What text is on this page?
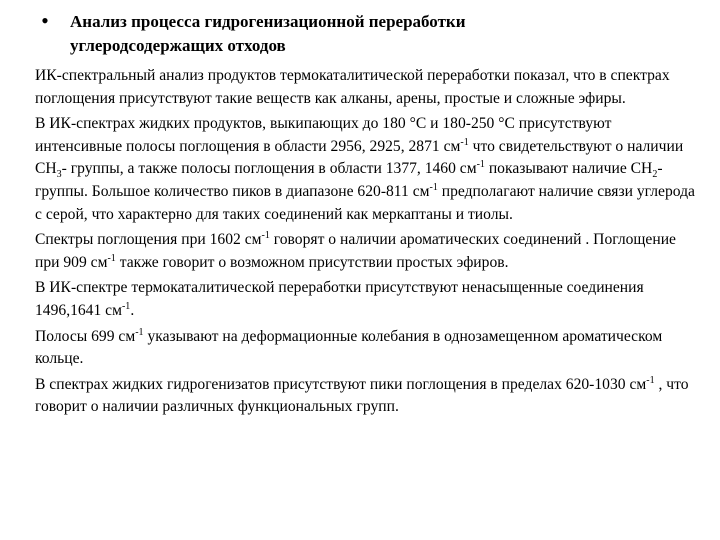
•	Анализ процесса гидрогенизационной переработки
углеродсодержащих отходов

ИК-спектральный анализ продуктов термокаталитической переработки показал, что в спектрах поглощения присутствуют такие веществ как алканы, арены, простые и сложные эфиры.

В ИК-спектрах жидких продуктов, выкипающих до 180 °С и 180-250 °С присутствуют интенсивные полосы поглощения в области 2956, 2925, 2871 $см^{-1}$ что свидетельствуют о наличии $СН_3-$ группы, а также полосы поглощения в области 1377, 1460 $см^{-1}$ показывают наличие $СН_2-$ группы. Большое количество пиков в диапазоне 620-811 $см^{-1}$ предполагают наличие связи углерода с серой, что характерно для таких соединений как меркаптаны и тиолы.

Спектры поглощения при 1602 $см^{-1}$ говорят о наличии ароматических соединений . Поглощение при 909 $см^{-1}$ также говорит о возможном присутствии простых эфиров.

В ИК-спектре термокаталитической переработки присутствуют ненасыщенные соединения 1496,1641 $см^{-1}$.

Полосы 699 $см^{-1}$ указывают на деформационные колебания в однозамещенном ароматическом кольце.

В спектрах жидких гидрогенизатов присутствуют пики поглощения в пределах 620-1030 $см^{-1}$ , что говорит о наличии различных функциональных групп.
